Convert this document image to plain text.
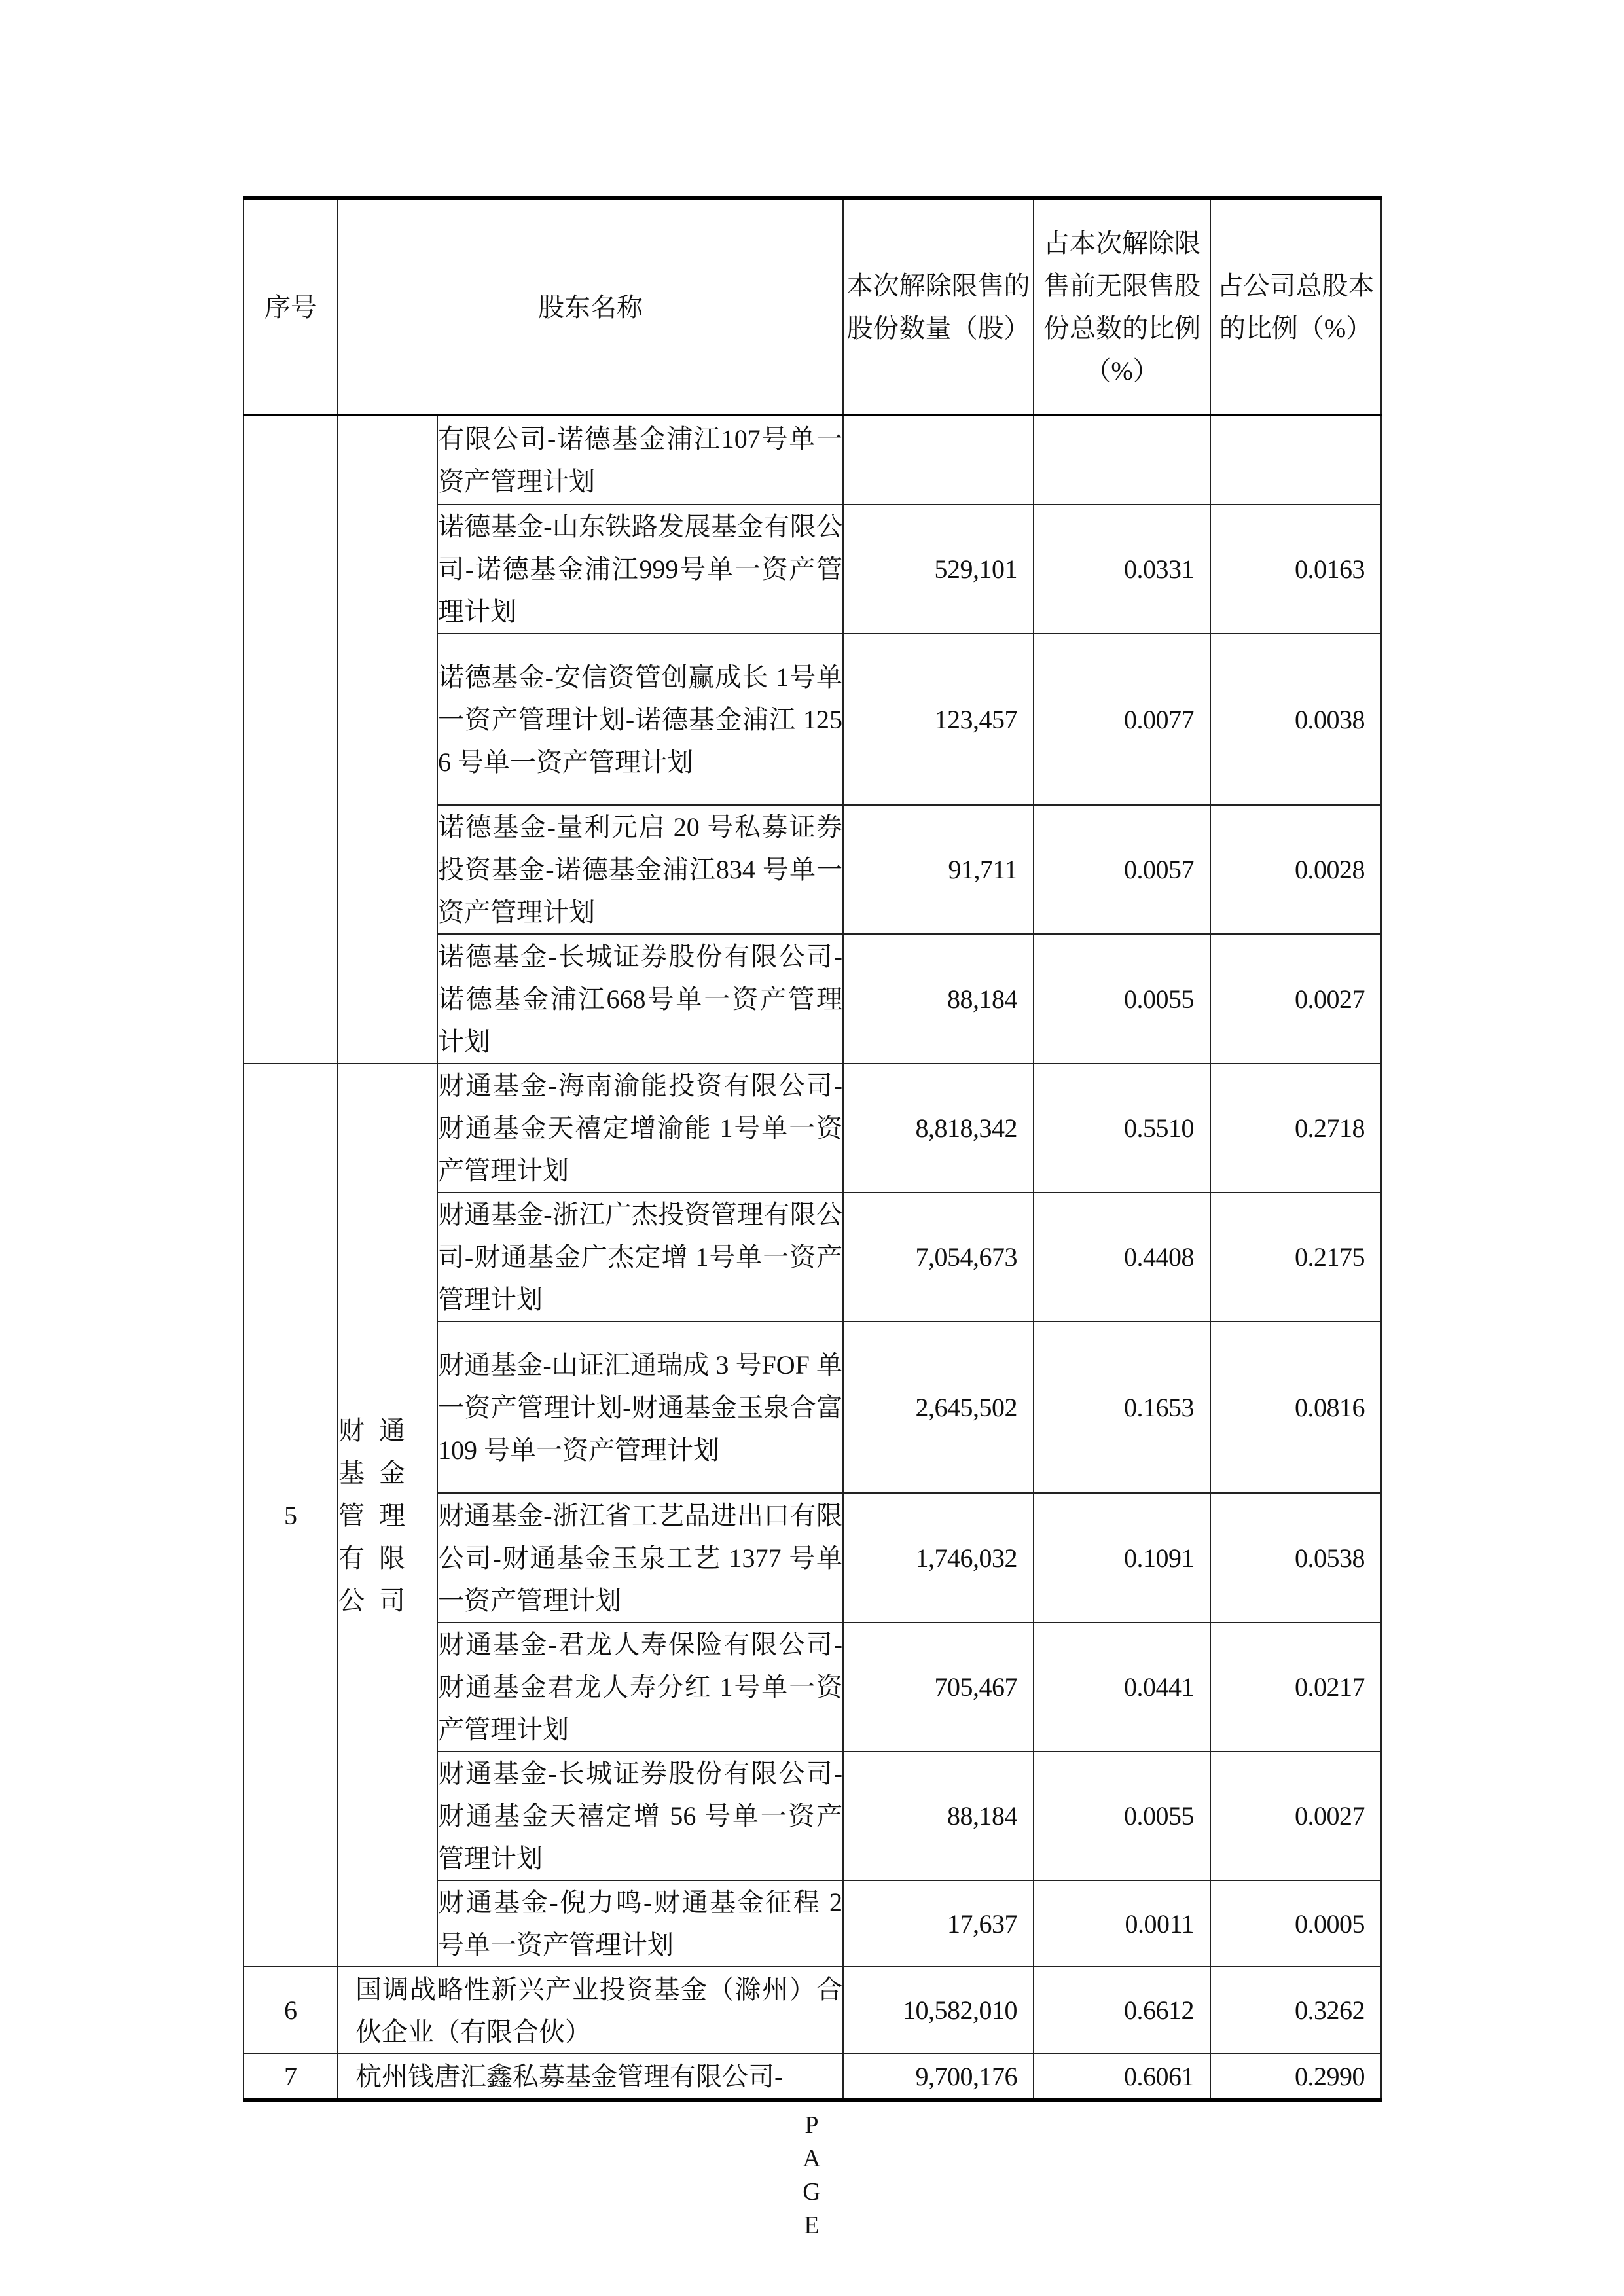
序号	股东名称		本次解除限售的股份数量（股）	占本次解除限售前无限售股份总数的比例（%）	占公司总股本的比例（%）
		有限公司-诺德基金浦江107号单一资产管理计划			
		诺德基金-山东铁路发展基金有限公司-诺德基金浦江999号单一资产管理计划	529,101	0.0331	0.0163
		诺德基金-安信资管创赢成长 1号单一资产管理计划-诺德基金浦江 1256 号单一资产管理计划	123,457	0.0077	0.0038
		诺德基金-量利元启 20 号私募证券投资基金-诺德基金浦江834 号单一资产管理计划	91,711	0.0057	0.0028
		诺德基金-长城证券股份有限公司-诺德基金浦江668号单一资产管理计划	88,184	0.0055	0.0027
5	财通基金管理有限公司	财通基金-海南渝能投资有限公司-财通基金天禧定增渝能 1号单一资产管理计划	8,818,342	0.5510	0.2718
		财通基金-浙江广杰投资管理有限公司-财通基金广杰定增 1号单一资产管理计划	7,054,673	0.4408	0.2175
		财通基金-山证汇通瑞成 3 号FOF 单一资产管理计划-财通基金玉泉合富 109 号单一资产管理计划	2,645,502	0.1653	0.0816
		财通基金-浙江省工艺品进出口有限公司-财通基金玉泉工艺 1377 号单一资产管理计划	1,746,032	0.1091	0.0538
		财通基金-君龙人寿保险有限公司-财通基金君龙人寿分红 1号单一资产管理计划	705,467	0.0441	0.0217
		财通基金-长城证券股份有限公司-财通基金天禧定增 56 号单一资产管理计划	88,184	0.0055	0.0027
		财通基金-倪力鸣-财通基金征程 2 号单一资产管理计划	17,637	0.0011	0.0005
6	国调战略性新兴产业投资基金（滁州）合伙企业（有限合伙）		10,582,010	0.6612	0.3262
7	杭州钱唐汇鑫私募基金管理有限公司-		9,700,176	0.6061	0.2990
PAGE
